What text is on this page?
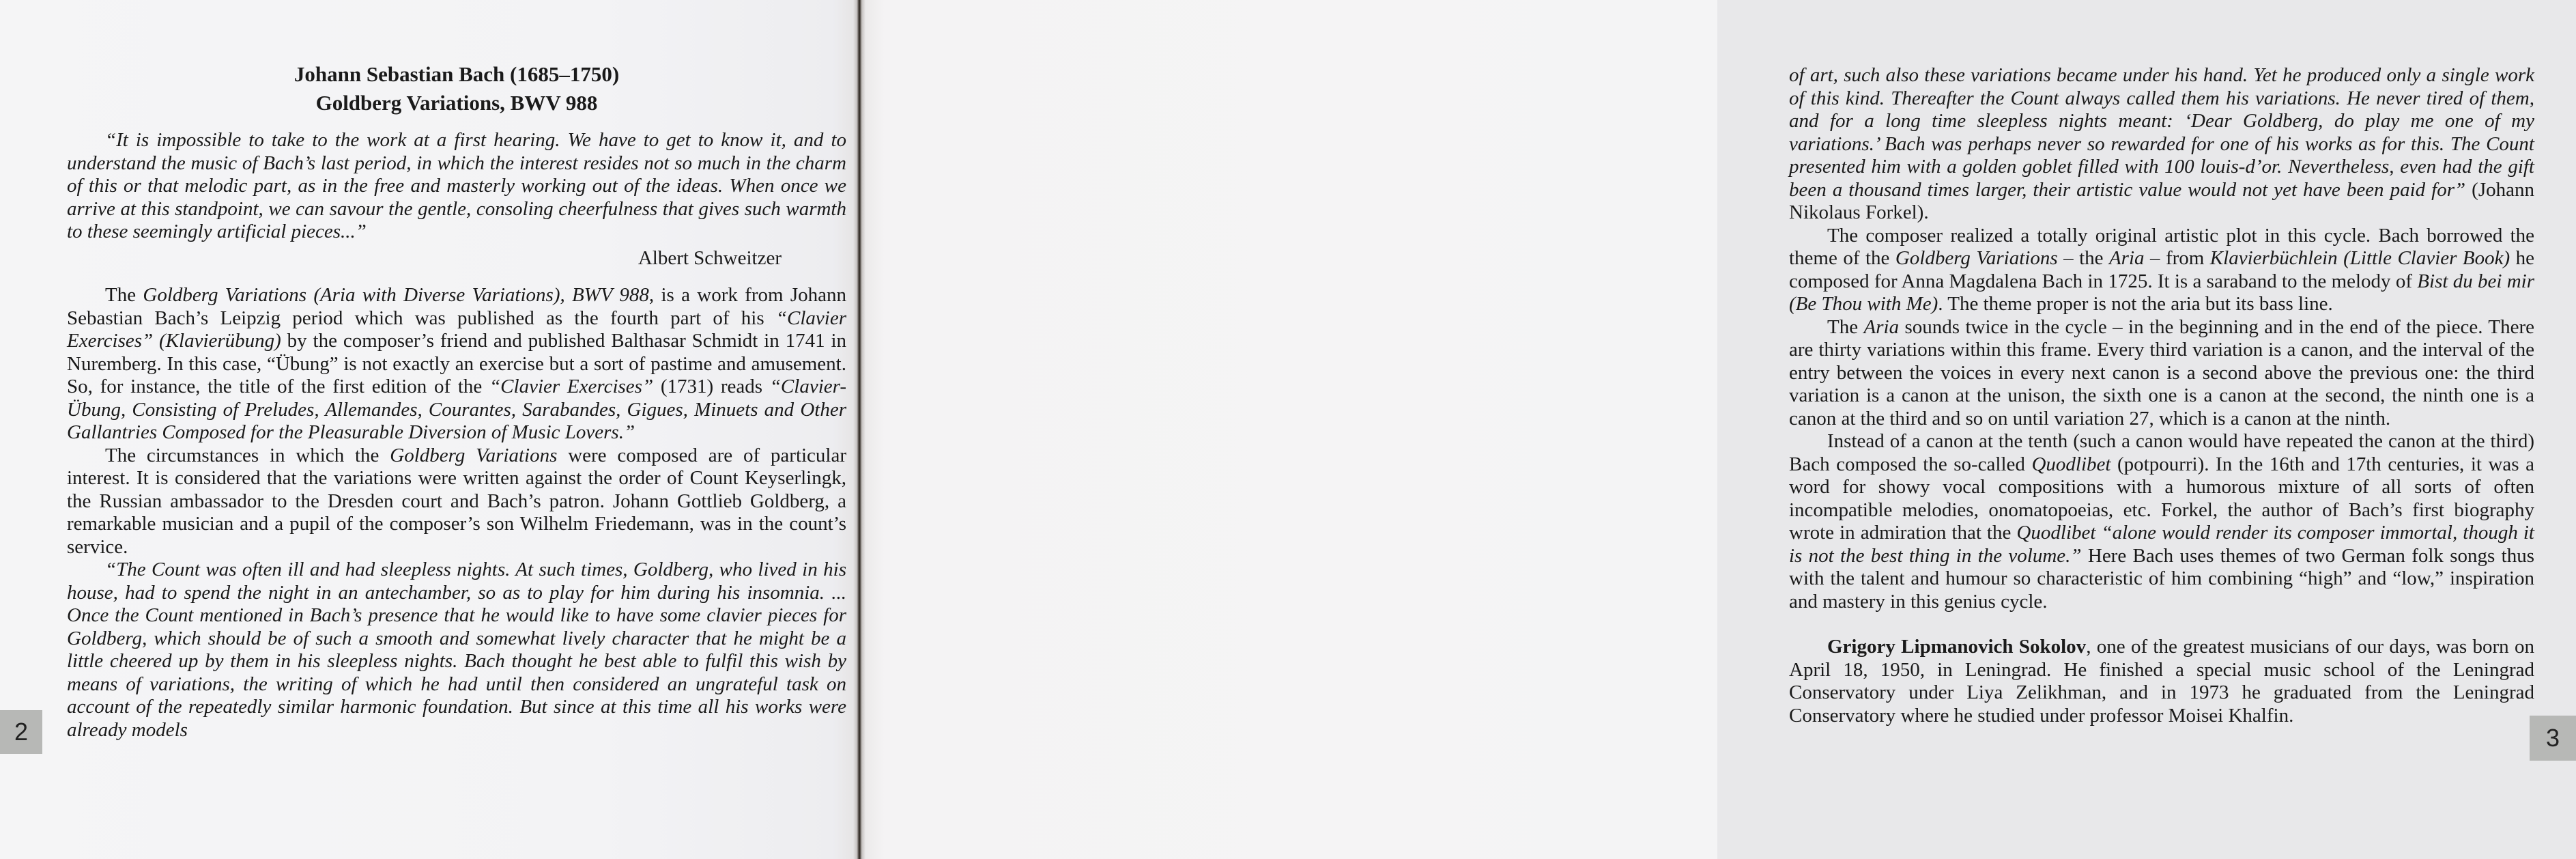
Johann Sebastian Bach (1685–1750)
Goldberg Variations, BWV 988

“It is impossible to take to the work at a first hearing. We have to get to know it, and to understand the music of Bach’s last period, in which the interest resides not so much in the charm of this or that melodic part, as in the free and masterly working out of the ideas. When once we arrive at this standpoint, we can savour the gentle, consoling cheerfulness that gives such warmth to these seemingly artificial pieces...”

Albert Schweitzer

The Goldberg Variations (Aria with Diverse Variations), BWV 988, is a work from Johann Sebastian Bach’s Leipzig period which was published as the fourth part of his “Clavier Exercises” (Klavierübung) by the composer’s friend and published Balthasar Schmidt in 1741 in Nuremberg. In this case, “Übung” is not exactly an exercise but a sort of pastime and amusement. So, for instance, the title of the first edition of the “Clavier Exercises” (1731) reads “Clavier-Übung, Consisting of Preludes, Allemandes, Courantes, Sarabandes, Gigues, Minuets and Other Gallantries Composed for the Pleasurable Diversion of Music Lovers.”

The circumstances in which the Goldberg Variations were composed are of particular interest. It is considered that the variations were written against the order of Count Keyserlingk, the Russian ambassador to the Dresden court and Bach’s patron. Johann Gottlieb Goldberg, a remarkable musician and a pupil of the composer’s son Wilhelm Friedemann, was in the count’s service.

“The Count was often ill and had sleepless nights. At such times, Goldberg, who lived in his house, had to spend the night in an antechamber, so as to play for him during his insomnia. ... Once the Count mentioned in Bach’s presence that he would like to have some clavier pieces for Goldberg, which should be of such a smooth and somewhat lively character that he might be a little cheered up by them in his sleepless nights. Bach thought he best able to fulfil this wish by means of variations, the writing of which he had until then considered an ungrateful task on account of the repeatedly similar harmonic foundation. But since at this time all his works were already models

2

of art, such also these variations became under his hand. Yet he produced only a single work of this kind. Thereafter the Count always called them his variations. He never tired of them, and for a long time sleepless nights meant: ‘Dear Goldberg, do play me one of my variations.’ Bach was perhaps never so rewarded for one of his works as for this. The Count presented him with a golden goblet filled with 100 louis-d’or. Nevertheless, even had the gift been a thousand times larger, their artistic value would not yet have been paid for” (Johann Nikolaus Forkel).

The composer realized a totally original artistic plot in this cycle. Bach borrowed the theme of the Goldberg Variations – the Aria – from Klavierbüchlein (Little Clavier Book) he composed for Anna Magdalena Bach in 1725. It is a saraband to the melody of Bist du bei mir (Be Thou with Me). The theme proper is not the aria but its bass line.

The Aria sounds twice in the cycle – in the beginning and in the end of the piece. There are thirty variations within this frame. Every third variation is a canon, and the interval of the entry between the voices in every next canon is a second above the previous one: the third variation is a canon at the unison, the sixth one is a canon at the second, the ninth one is a canon at the third and so on until variation 27, which is a canon at the ninth.

Instead of a canon at the tenth (such a canon would have repeated the canon at the third) Bach composed the so-called Quodlibet (potpourri). In the 16th and 17th centuries, it was a word for showy vocal compositions with a humorous mixture of all sorts of often incompatible melodies, onomatopoeias, etc. Forkel, the author of Bach’s first biography wrote in admiration that the Quodlibet “alone would render its composer immortal, though it is not the best thing in the volume.” Here Bach uses themes of two German folk songs thus with the talent and humour so characteristic of him combining “high” and “low,” inspiration and mastery in this genius cycle.

Grigory Lipmanovich Sokolov, one of the greatest musicians of our days, was born on April 18, 1950, in Leningrad. He finished a special music school of the Leningrad Conservatory under Liya Zelikhman, and in 1973 he graduated from the Leningrad Conservatory where he studied under professor Moisei Khalfin.

3
